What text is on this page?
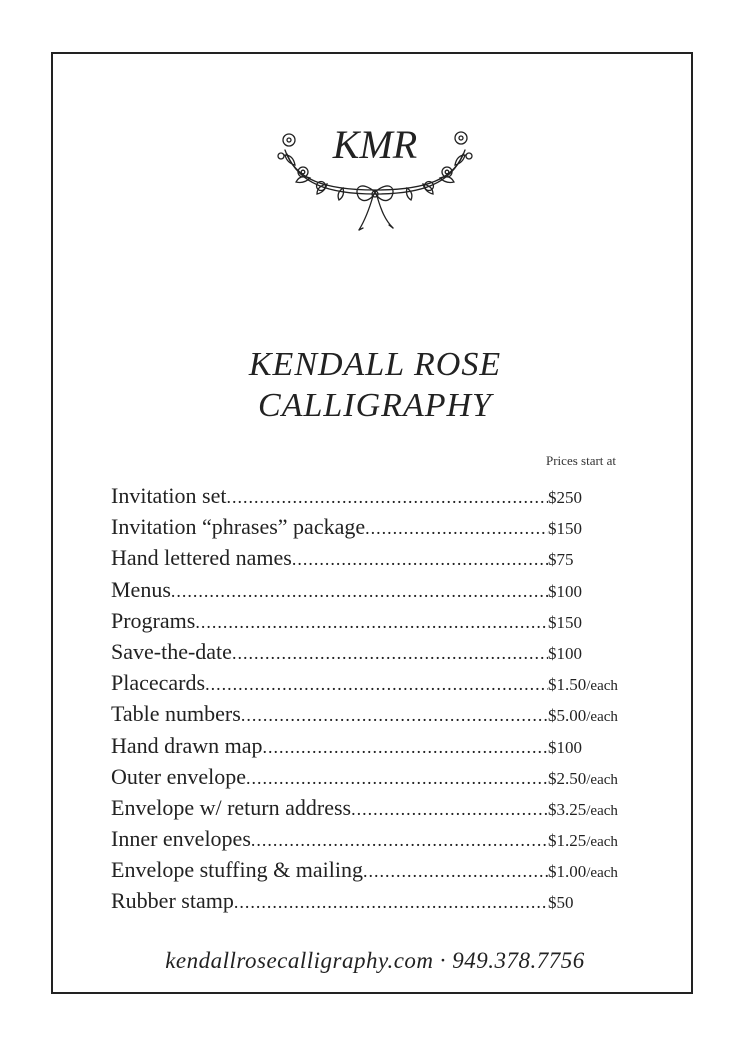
KMR
KENDALL ROSE
CALLIGRAPHY
Prices start at
Invitation set .....	$250
Invitation “phrases” package .....	$150
Hand lettered names .....	$75
Menus .....	$100
Programs .....	$150
Save-the-date .....	$100
Placecards .....	$1.50/each
Table numbers .....	$5.00/each
Hand drawn map .....	$100
Outer envelope .....	$2.50/each
Envelope w/ return address .....	$3.25/each
Inner envelopes .....	$1.25/each
Envelope stuffing & mailing .....	$1.00/each
Rubber stamp .....	$50
kendallrosecalligraphy.com · 949.378.7756
